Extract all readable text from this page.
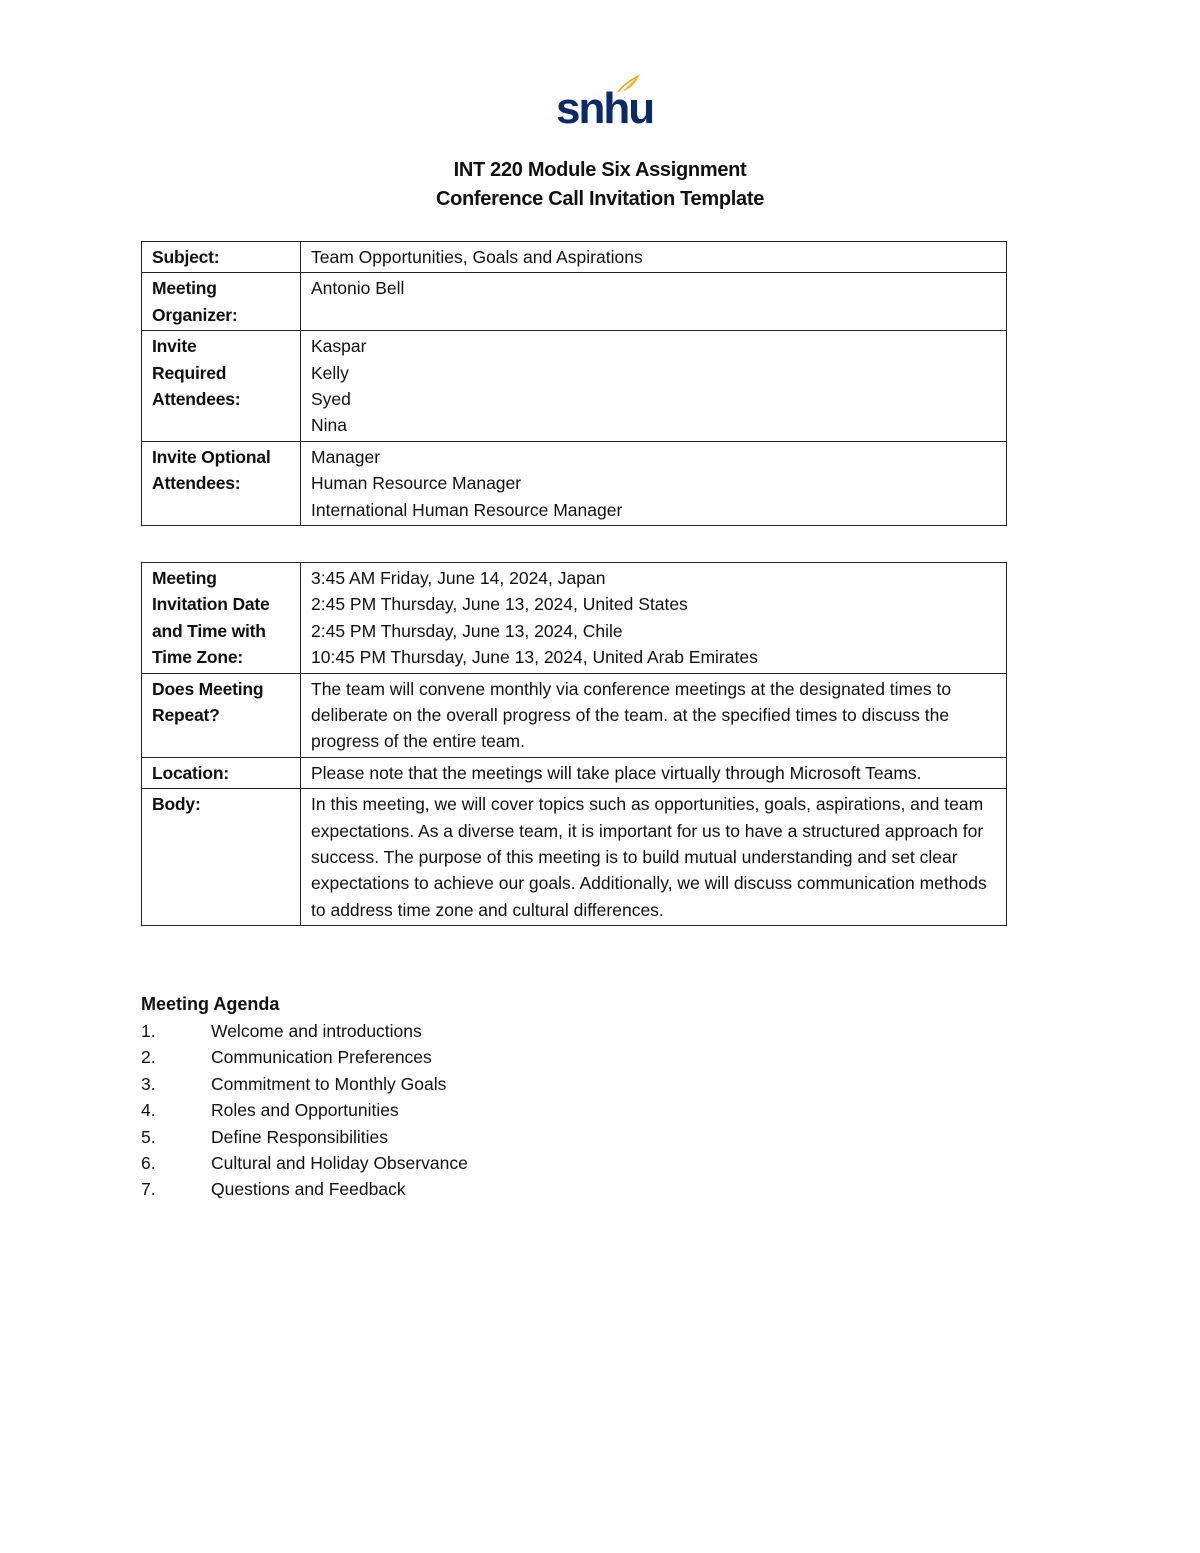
snhu
INT 220 Module Six Assignment
Conference Call Invitation Template
Subject:	Team Opportunities, Goals and Aspirations

Meeting
Organizer:	Antonio Bell

Invite
Required
Attendees:	Kaspar
Kelly
Syed
Nina

Invite Optional
Attendees:	Manager
Human Resource Manager
International Human Resource Manager
Meeting
Invitation Date
and Time with
Time Zone:	3:45 AM Friday, June 14, 2024, Japan
2:45 PM Thursday, June 13, 2024, United States
2:45 PM Thursday, June 13, 2024, Chile
10:45 PM Thursday, June 13, 2024, United Arab Emirates

Does Meeting
Repeat?	The team will convene monthly via conference meetings at the designated times to deliberate on the overall progress of the team. at the specified times to discuss the progress of the entire team.

Location:	Please note that the meetings will take place virtually through Microsoft Teams.

Body:	In this meeting, we will cover topics such as opportunities, goals, aspirations, and team expectations. As a diverse team, it is important for us to have a structured approach for success. The purpose of this meeting is to build mutual understanding and set clear expectations to achieve our goals. Additionally, we will discuss communication methods to address time zone and cultural differences.
Meeting Agenda
1.	Welcome and introductions
2.	Communication Preferences
3.	Commitment to Monthly Goals
4.	Roles and Opportunities
5.	Define Responsibilities
6.	Cultural and Holiday Observance
7.	Questions and Feedback
